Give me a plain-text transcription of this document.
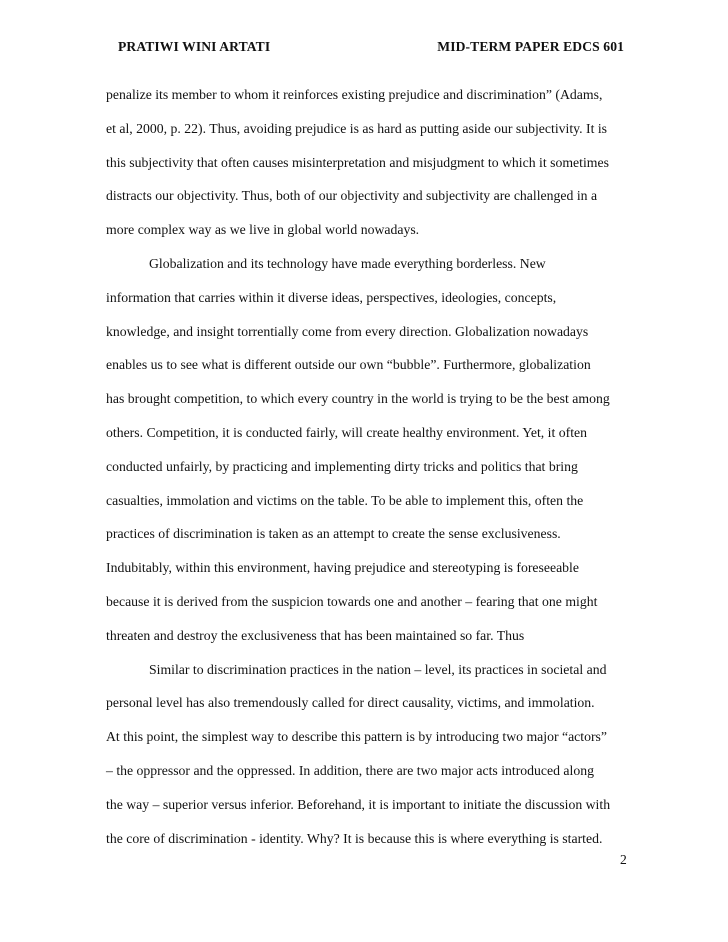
PRATIWI WINI ARTATI	MID-TERM PAPER EDCS 601
penalize its member to whom it reinforces existing prejudice and discrimination” (Adams,
et al, 2000, p. 22). Thus, avoiding prejudice is as hard as putting aside our subjectivity. It is
this subjectivity that often causes misinterpretation and misjudgment to which it sometimes
distracts our objectivity. Thus, both of our objectivity and subjectivity are challenged in a
more complex way as we live in global world nowadays.
Globalization and its technology have made everything borderless. New
information that carries within it diverse ideas, perspectives, ideologies, concepts,
knowledge, and insight torrentially come from every direction. Globalization nowadays
enables us to see what is different outside our own “bubble”. Furthermore, globalization
has brought competition, to which every country in the world is trying to be the best among
others. Competition, it is conducted fairly, will create healthy environment. Yet, it often
conducted unfairly, by practicing and implementing dirty tricks and politics that bring
casualties, immolation and victims on the table. To be able to implement this, often the
practices of discrimination is taken as an attempt to create the sense exclusiveness.
Indubitably, within this environment, having prejudice and stereotyping is foreseeable
because it is derived from the suspicion towards one and another – fearing that one might
threaten and destroy the exclusiveness that has been maintained so far. Thus
Similar to discrimination practices in the nation – level, its practices in societal and
personal level has also tremendously called for direct causality, victims, and immolation.
At this point, the simplest way to describe this pattern is by introducing two major “actors”
– the oppressor and the oppressed. In addition, there are two major acts introduced along
the way – superior versus inferior. Beforehand, it is important to initiate the discussion with
the core of discrimination - identity. Why? It is because this is where everything is started.
2
